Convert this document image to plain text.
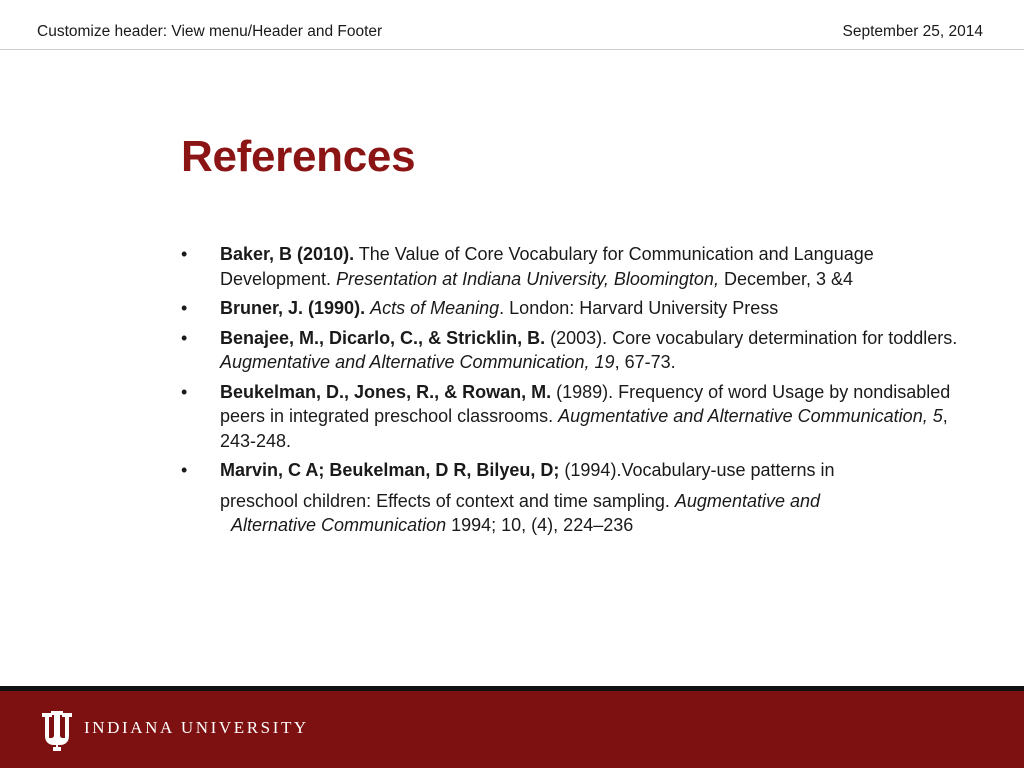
Customize header: View menu/Header and Footer	September 25, 2014
References
• Baker, B (2010). The Value of Core Vocabulary for Communication and Language Development. Presentation at Indiana University, Bloomington, December, 3 &4
• Bruner, J. (1990). Acts of Meaning. London: Harvard University Press
• Benajee, M., Dicarlo, C., & Stricklin, B. (2003). Core vocabulary determination for toddlers. Augmentative and Alternative Communication, 19, 67-73.
• Beukelman, D., Jones, R., & Rowan, M. (1989). Frequency of word Usage by nondisabled peers in integrated preschool classrooms. Augmentative and Alternative Communication, 5, 243-248.
• Marvin, C A; Beukelman, D R, Bilyeu, D; (1994).Vocabulary-use patterns in
preschool children: Effects of context and time sampling. Augmentative and
Alternative Communication 1994; 10, (4), 224–236
INDIANA UNIVERSITY
